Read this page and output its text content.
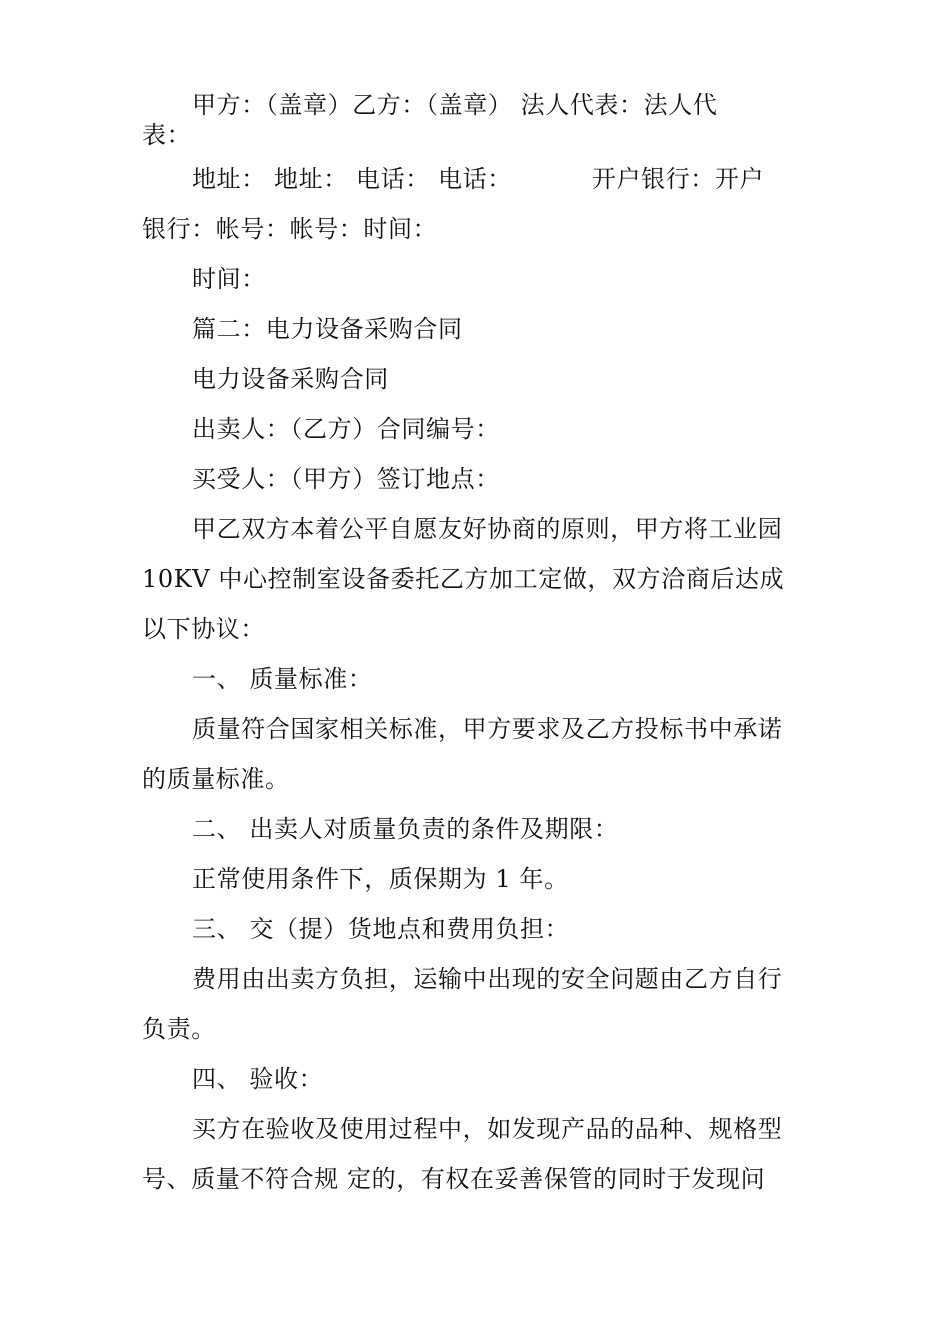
甲方：（盖章）乙方：（盖章） 法人代表：法人代
表：
地址： 地址： 电话： 电话：	开户银行：开户
银行：帐号：帐号：时间：
时间：
篇二：电力设备采购合同
电力设备采购合同
出卖人：（乙方）合同编号：
买受人：（甲方）签订地点：
甲乙双方本着公平自愿友好协商的原则，甲方将工业园
10KV 中心控制室设备委托乙方加工定做，双方洽商后达成
以下协议：
一、 质量标准：
质量符合国家相关标准，甲方要求及乙方投标书中承诺
的质量标准。
二、 出卖人对质量负责的条件及期限：
正常使用条件下，质保期为 1 年。
三、 交（提）货地点和费用负担：
费用由出卖方负担，运输中出现的安全问题由乙方自行
负责。
四、 验收：
买方在验收及使用过程中，如发现产品的品种、规格型
号、质量不符合规 定的，有权在妥善保管的同时于发现问
